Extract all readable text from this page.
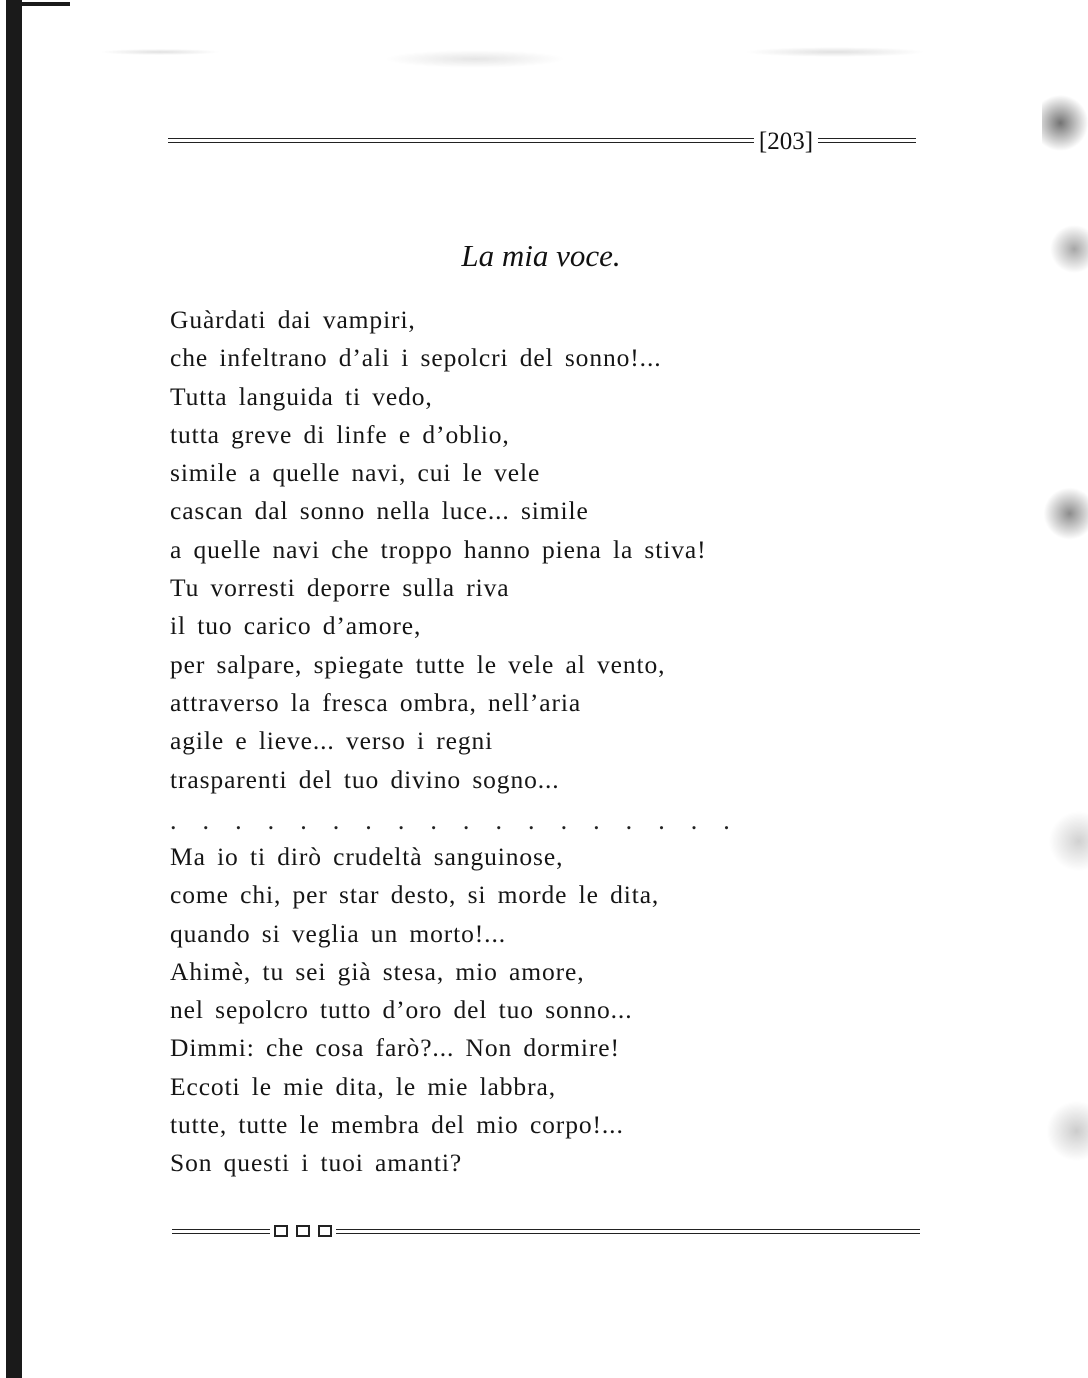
[203]
La mia voce.
Guàrdati dai vampiri,
che infeltrano d’ali i sepolcri del sonno!...
Tutta languida ti vedo,
tutta greve di linfe e d’oblio,
simile a quelle navi, cui le vele
cascan dal sonno nella luce... simile
a quelle navi che troppo hanno piena la stiva!
Tu vorresti deporre sulla riva
il tuo carico d’amore,
per salpare, spiegate tutte le vele al vento,
attraverso la fresca ombra, nell’aria
agile e lieve... verso i regni
trasparenti del tuo divino sogno...
. . . . . . . . . . . . . . . . . .
Ma io ti dirò crudeltà sanguinose,
come chi, per star desto, si morde le dita,
quando si veglia un morto!...
Ahimè, tu sei già stesa, mio amore,
nel sepolcro tutto d’oro del tuo sonno...
Dimmi: che cosa farò?... Non dormire!
Eccoti le mie dita, le mie labbra,
tutte, tutte le membra del mio corpo!...
Son questi i tuoi amanti?
